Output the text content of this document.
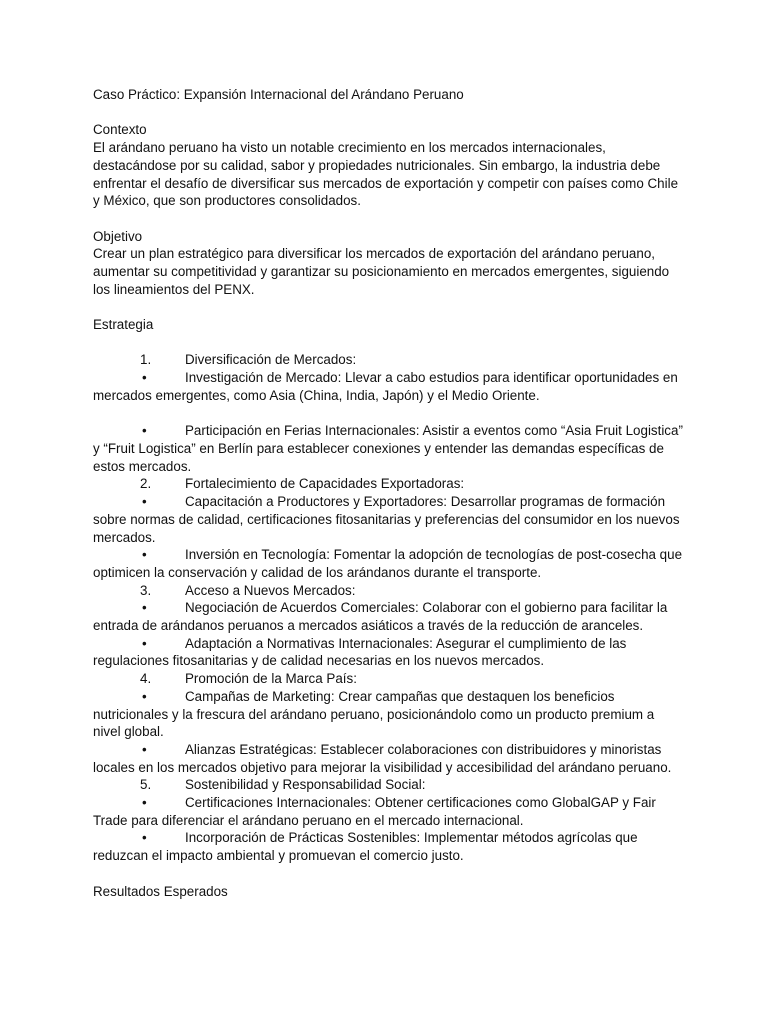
Caso Práctico: Expansión Internacional del Arándano Peruano

Contexto

El arándano peruano ha visto un notable crecimiento en los mercados internacionales, destacándose por su calidad, sabor y propiedades nutricionales. Sin embargo, la industria debe enfrentar el desafío de diversificar sus mercados de exportación y competir con países como Chile y México, que son productores consolidados.

Objetivo

Crear un plan estratégico para diversificar los mercados de exportación del arándano peruano, aumentar su competitividad y garantizar su posicionamiento en mercados emergentes, siguiendo los lineamientos del PENX.

Estrategia

1.	Diversificación de Mercados:

•	Investigación de Mercado: Llevar a cabo estudios para identificar oportunidades en mercados emergentes, como Asia (China, India, Japón) y el Medio Oriente.

•	Participación en Ferias Internacionales: Asistir a eventos como “Asia Fruit Logistica” y “Fruit Logistica” en Berlín para establecer conexiones y entender las demandas específicas de estos mercados.

2.	Fortalecimiento de Capacidades Exportadoras:

•	Capacitación a Productores y Exportadores: Desarrollar programas de formación sobre normas de calidad, certificaciones fitosanitarias y preferencias del consumidor en los nuevos mercados.

•	Inversión en Tecnología: Fomentar la adopción de tecnologías de post-cosecha que optimicen la conservación y calidad de los arándanos durante el transporte.

3.	Acceso a Nuevos Mercados:

•	Negociación de Acuerdos Comerciales: Colaborar con el gobierno para facilitar la entrada de arándanos peruanos a mercados asiáticos a través de la reducción de aranceles.

•	Adaptación a Normativas Internacionales: Asegurar el cumplimiento de las regulaciones fitosanitarias y de calidad necesarias en los nuevos mercados.

4.	Promoción de la Marca País:

•	Campañas de Marketing: Crear campañas que destaquen los beneficios nutricionales y la frescura del arándano peruano, posicionándolo como un producto premium a nivel global.

•	Alianzas Estratégicas: Establecer colaboraciones con distribuidores y minoristas locales en los mercados objetivo para mejorar la visibilidad y accesibilidad del arándano peruano.

5.	Sostenibilidad y Responsabilidad Social:

•	Certificaciones Internacionales: Obtener certificaciones como GlobalGAP y Fair Trade para diferenciar el arándano peruano en el mercado internacional.

•	Incorporación de Prácticas Sostenibles: Implementar métodos agrícolas que reduzcan el impacto ambiental y promuevan el comercio justo.

Resultados Esperados
